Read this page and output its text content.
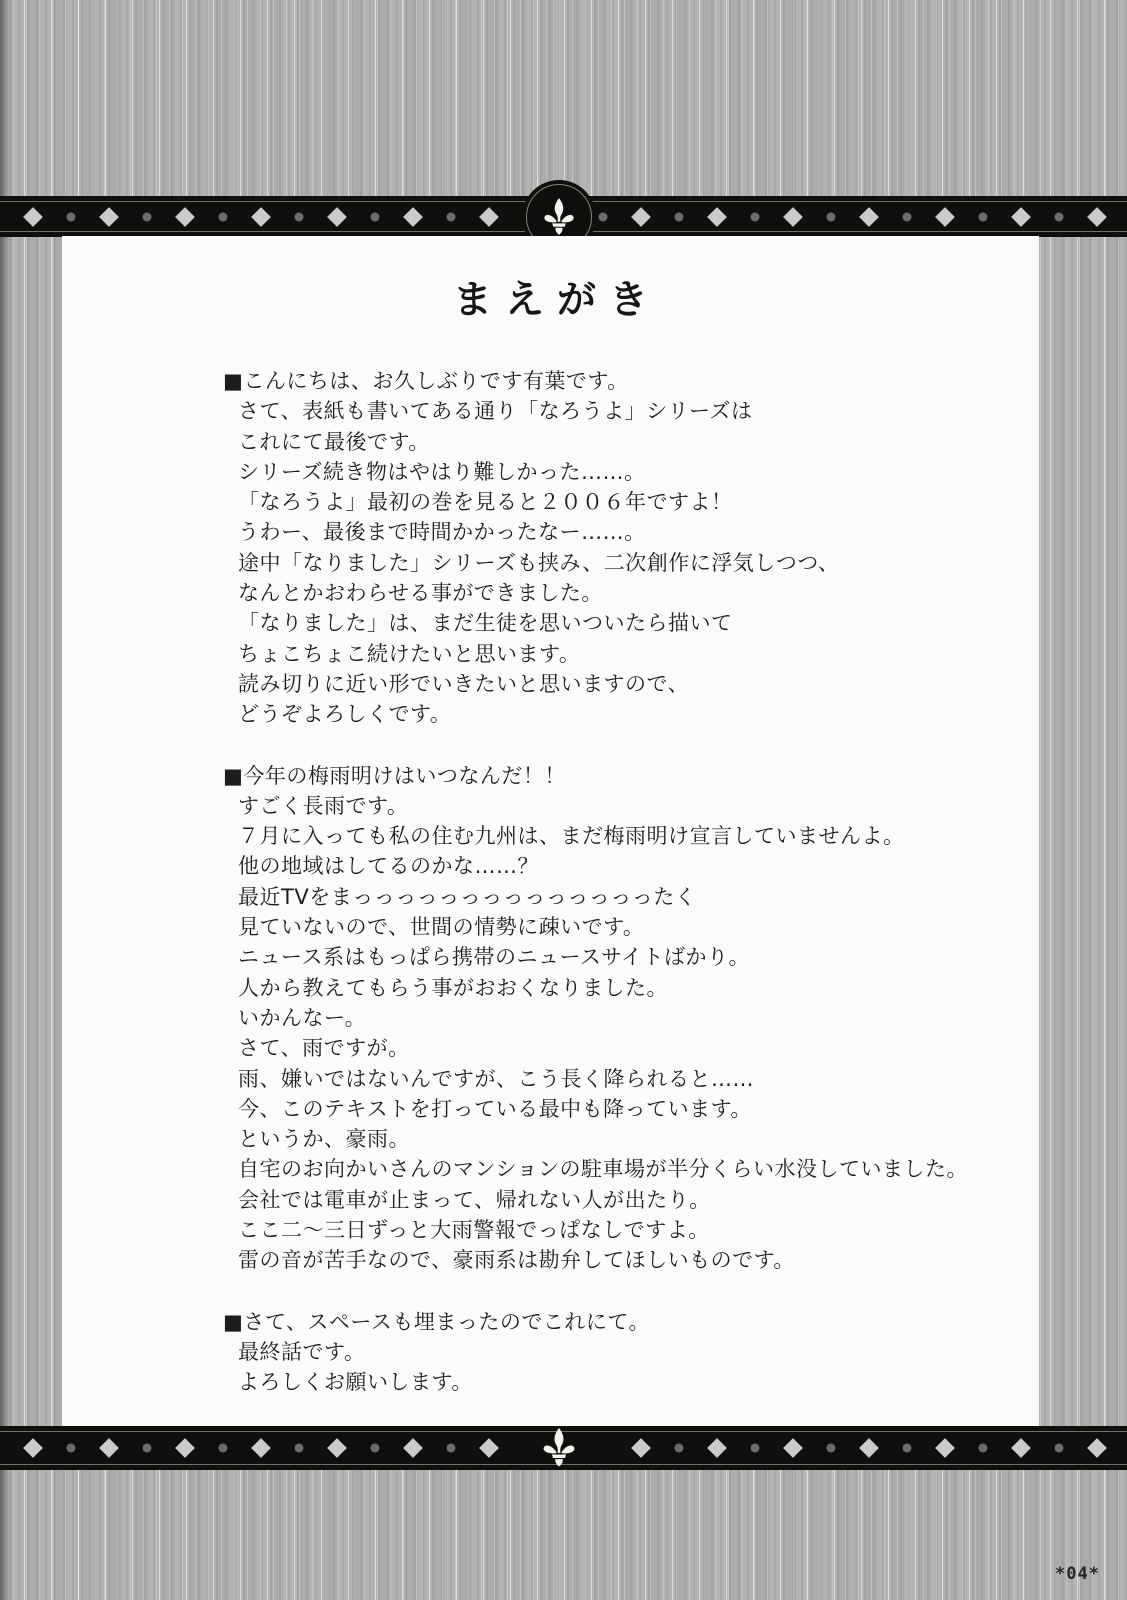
まえがき
■こんにちは、お久しぶりです有葉です。
さて、表紙も書いてある通り「なろうよ」シリーズは
これにて最後です。
シリーズ続き物はやはり難しかった……。
「なろうよ」最初の巻を見ると２００６年ですよ！
うわー、最後まで時間かかったなー……。
途中「なりました」シリーズも挟み、二次創作に浮気しつつ、
なんとかおわらせる事ができました。
「なりました」は、まだ生徒を思いついたら描いて
ちょこちょこ続けたいと思います。
読み切りに近い形でいきたいと思いますので、
どうぞよろしくです。
■今年の梅雨明けはいつなんだ！！
すごく長雨です。
７月に入っても私の住む九州は、まだ梅雨明け宣言していませんよ。
他の地域はしてるのかな……？
最近TVをまっっっっっっっっっっっっっったく
見ていないので、世間の情勢に疎いです。
ニュース系はもっぱら携帯のニュースサイトばかり。
人から教えてもらう事がおおくなりました。
いかんなー。
さて、雨ですが。
雨、嫌いではないんですが、こう長く降られると……
今、このテキストを打っている最中も降っています。
というか、豪雨。
自宅のお向かいさんのマンションの駐車場が半分くらい水没していました。
会社では電車が止まって、帰れない人が出たり。
ここ二〜三日ずっと大雨警報でっぱなしですよ。
雷の音が苦手なので、豪雨系は勘弁してほしいものです。
■さて、スペースも埋まったのでこれにて。
最終話です。
よろしくお願いします。
*04*
